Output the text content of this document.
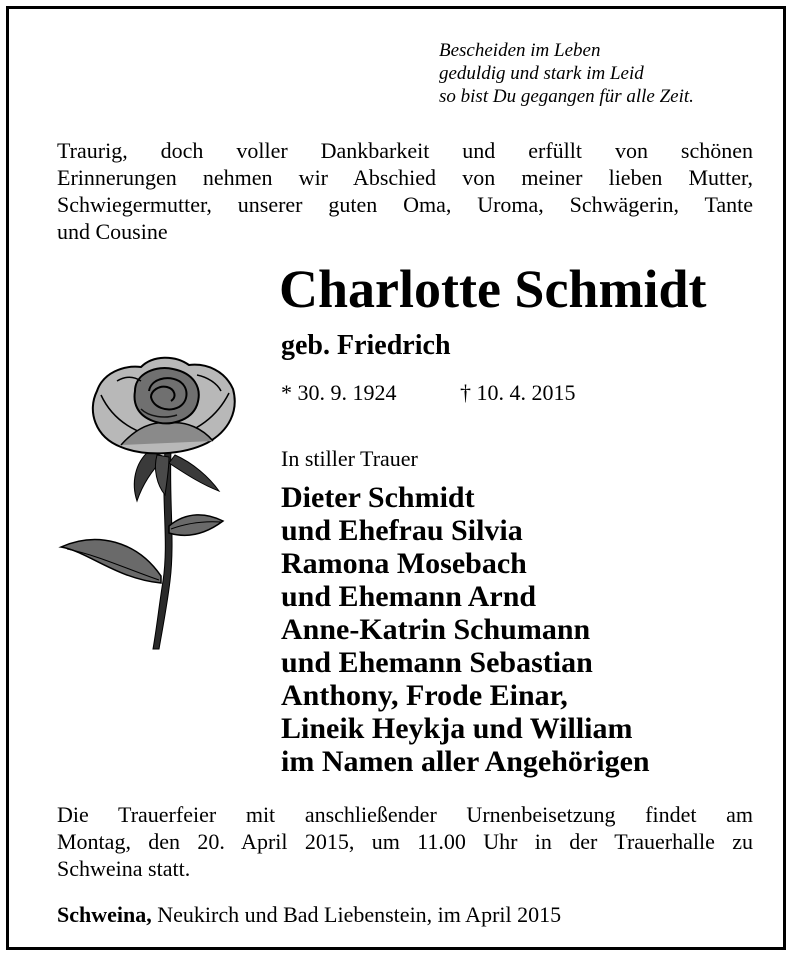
Bescheiden im Leben
geduldig und stark im Leid
so bist Du gegangen für alle Zeit.
Traurig, doch voller Dankbarkeit und erfüllt von schönen
Erinnerungen nehmen wir Abschied von meiner lieben Mutter,
Schwiegermutter, unserer guten Oma, Uroma, Schwägerin, Tante
und Cousine
Charlotte Schmidt
geb. Friedrich
* 30. 9. 1924	† 10. 4. 2015
In stiller Trauer
Dieter Schmidt
und Ehefrau Silvia
Ramona Mosebach
und Ehemann Arnd
Anne-Katrin Schumann
und Ehemann Sebastian
Anthony, Frode Einar,
Lineik Heykja und William
im Namen aller Angehörigen
Die Trauerfeier mit anschließender Urnenbeisetzung findet am
Montag, den 20. April 2015, um 11.00 Uhr in der Trauerhalle zu
Schweina statt.
Schweina, Neukirch und Bad Liebenstein, im April 2015
